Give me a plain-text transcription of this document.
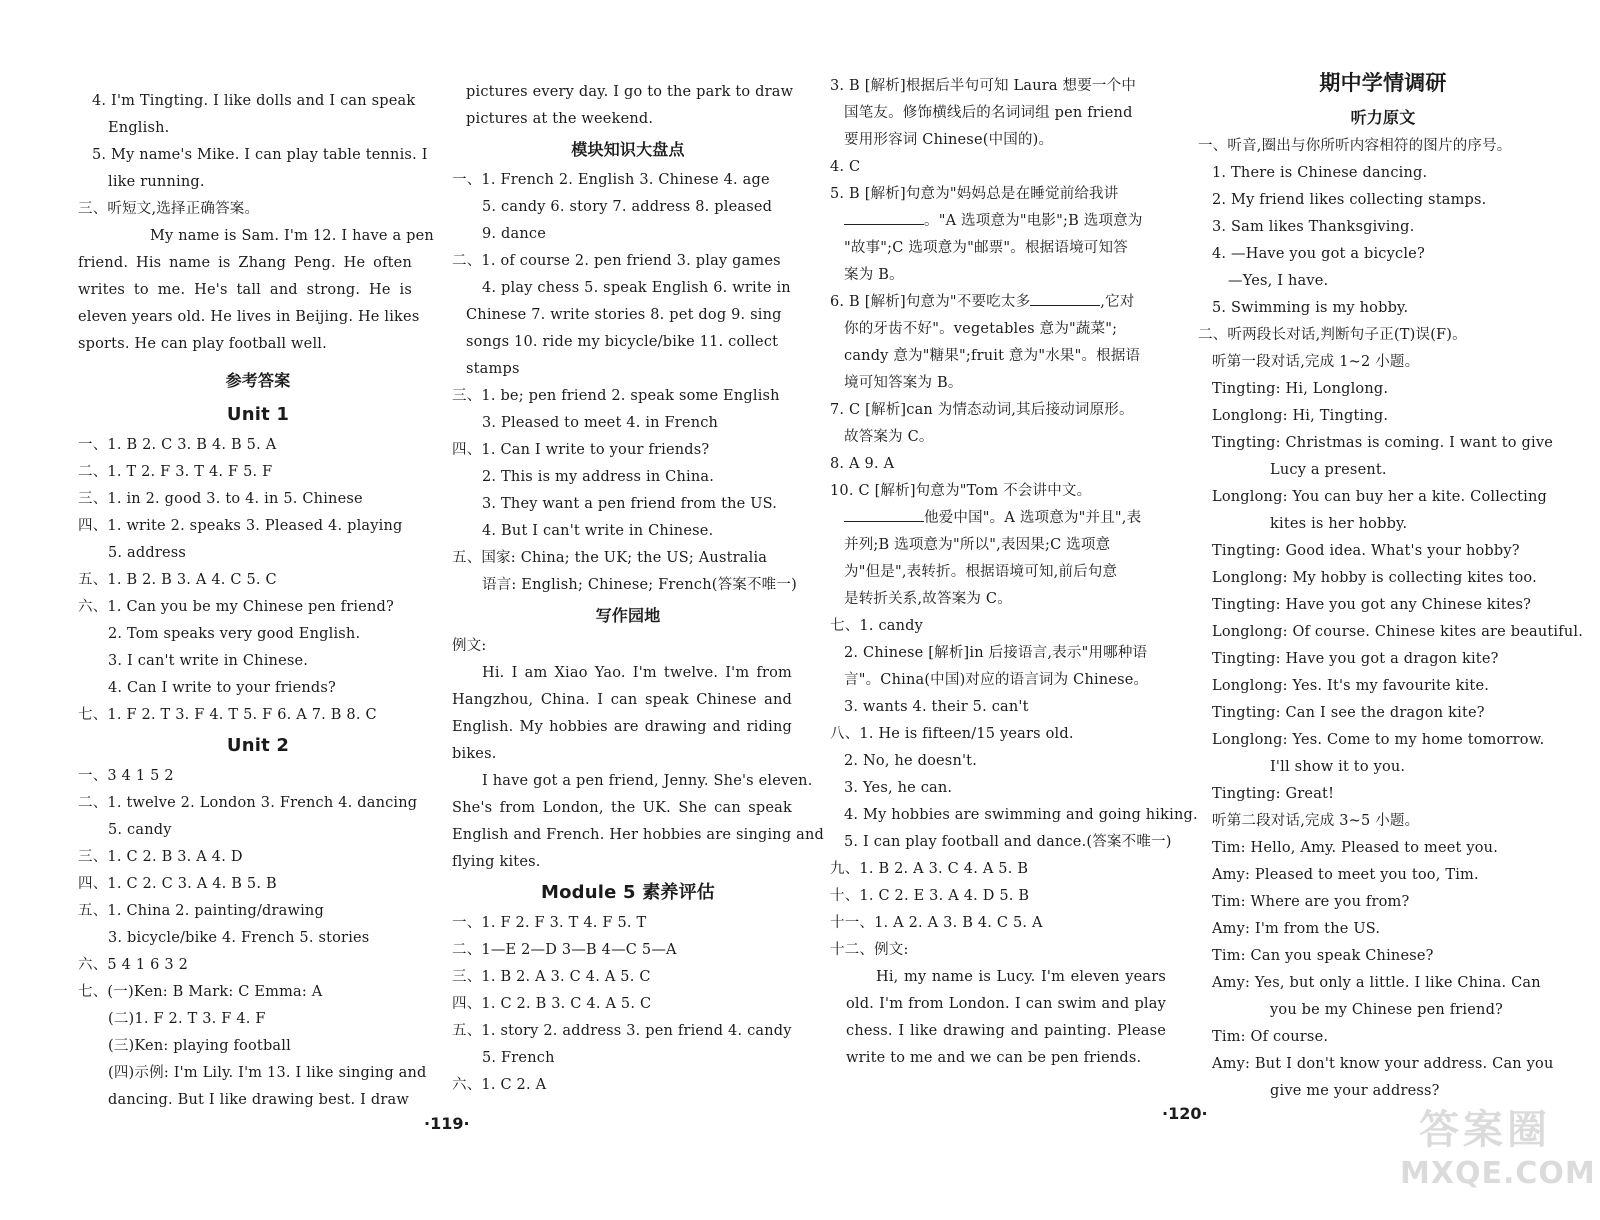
4. I'm Tingting. I like dolls and I can speak
English.
5. My name's Mike. I can play table tennis. I
like running.
三、听短文,选择正确答案。
My name is Sam. I'm 12. I have a pen
friend. His name is Zhang Peng. He often
writes to me. He's tall and strong. He is
eleven years old. He lives in Beijing. He likes
sports. He can play football well.
参考答案
Unit 1
一、1. B 2. C 3. B 4. B 5. A
二、1. T 2. F 3. T 4. F 5. F
三、1. in 2. good 3. to 4. in 5. Chinese
四、1. write 2. speaks 3. Pleased 4. playing
5. address
五、1. B 2. B 3. A 4. C 5. C
六、1. Can you be my Chinese pen friend?
2. Tom speaks very good English.
3. I can't write in Chinese.
4. Can I write to your friends?
七、1. F 2. T 3. F 4. T 5. F 6. A 7. B 8. C
Unit 2
一、3 4 1 5 2
二、1. twelve 2. London 3. French 4. dancing
5. candy
三、1. C 2. B 3. A 4. D
四、1. C 2. C 3. A 4. B 5. B
五、1. China 2. painting/drawing
3. bicycle/bike 4. French 5. stories
六、5 4 1 6 3 2
七、(一)Ken: B Mark: C Emma: A
(二)1. F 2. T 3. F 4. F
(三)Ken: playing football
(四)示例: I'm Lily. I'm 13. I like singing and
dancing. But I like drawing best. I draw
pictures every day. I go to the park to draw
pictures at the weekend.
模块知识大盘点
一、1. French 2. English 3. Chinese 4. age
5. candy 6. story 7. address 8. pleased
9. dance
二、1. of course 2. pen friend 3. play games
4. play chess 5. speak English 6. write in
Chinese 7. write stories 8. pet dog 9. sing
songs 10. ride my bicycle/bike 11. collect
stamps
三、1. be; pen friend 2. speak some English
3. Pleased to meet 4. in French
四、1. Can I write to your friends?
2. This is my address in China.
3. They want a pen friend from the US.
4. But I can't write in Chinese.
五、国家: China; the UK; the US; Australia
语言: English; Chinese; French(答案不唯一)
写作园地
例文:
Hi. I am Xiao Yao. I'm twelve. I'm from
Hangzhou, China. I can speak Chinese and
English. My hobbies are drawing and riding
bikes.
I have got a pen friend, Jenny. She's eleven.
She's from London, the UK. She can speak
English and French. Her hobbies are singing and
flying kites.
Module 5 素养评估
一、1. F 2. F 3. T 4. F 5. T
二、1—E 2—D 3—B 4—C 5—A
三、1. B 2. A 3. C 4. A 5. C
四、1. C 2. B 3. C 4. A 5. C
五、1. story 2. address 3. pen friend 4. candy
5. French
六、1. C 2. A
·119·
3. B [解析]根据后半句可知 Laura 想要一个中
国笔友。修饰横线后的名词词组 pen friend
要用形容词 Chinese(中国的)。
4. C
5. B [解析]句意为"妈妈总是在睡觉前给我讲
。"A 选项意为"电影";B 选项意为
"故事";C 选项意为"邮票"。根据语境可知答
案为 B。
6. B [解析]句意为"不要吃太多	,它对
你的牙齿不好"。vegetables 意为"蔬菜";
candy 意为"糖果";fruit 意为"水果"。根据语
境可知答案为 B。
7. C [解析]can 为情态动词,其后接动词原形。
故答案为 C。
8. A 9. A
10. C [解析]句意为"Tom 不会讲中文。
他爱中国"。A 选项意为"并且",表
并列;B 选项意为"所以",表因果;C 选项意
为"但是",表转折。根据语境可知,前后句意
是转折关系,故答案为 C。
七、1. candy
2. Chinese [解析]in 后接语言,表示"用哪种语
言"。China(中国)对应的语言词为 Chinese。
3. wants 4. their 5. can't
八、1. He is fifteen/15 years old.
2. No, he doesn't.
3. Yes, he can.
4. My hobbies are swimming and going hiking.
5. I can play football and dance.(答案不唯一)
九、1. B 2. A 3. C 4. A 5. B
十、1. C 2. E 3. A 4. D 5. B
十一、1. A 2. A 3. B 4. C 5. A
十二、例文:
Hi, my name is Lucy. I'm eleven years
old. I'm from London. I can swim and play
chess. I like drawing and painting. Please
write to me and we can be pen friends.
期中学情调研
听力原文
一、听音,圈出与你所听内容相符的图片的序号。
1. There is Chinese dancing.
2. My friend likes collecting stamps.
3. Sam likes Thanksgiving.
4. —Have you got a bicycle?
—Yes, I have.
5. Swimming is my hobby.
二、听两段长对话,判断句子正(T)误(F)。
听第一段对话,完成 1~2 小题。
Tingting: Hi, Longlong.
Longlong: Hi, Tingting.
Tingting: Christmas is coming. I want to give
Lucy a present.
Longlong: You can buy her a kite. Collecting
kites is her hobby.
Tingting: Good idea. What's your hobby?
Longlong: My hobby is collecting kites too.
Tingting: Have you got any Chinese kites?
Longlong: Of course. Chinese kites are beautiful.
Tingting: Have you got a dragon kite?
Longlong: Yes. It's my favourite kite.
Tingting: Can I see the dragon kite?
Longlong: Yes. Come to my home tomorrow.
I'll show it to you.
Tingting: Great!
听第二段对话,完成 3~5 小题。
Tim: Hello, Amy. Pleased to meet you.
Amy: Pleased to meet you too, Tim.
Tim: Where are you from?
Amy: I'm from the US.
Tim: Can you speak Chinese?
Amy: Yes, but only a little. I like China. Can
you be my Chinese pen friend?
Tim: Of course.
Amy: But I don't know your address. Can you
give me your address?
·120·	答案圈
MXQE.COM
